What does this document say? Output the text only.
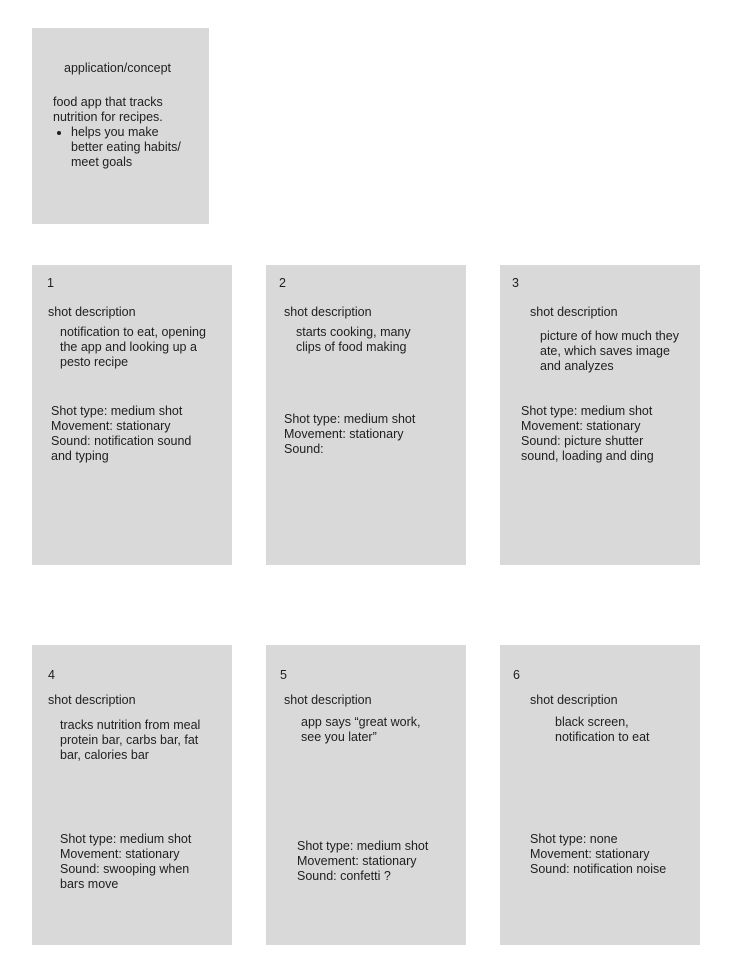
application/concept
food app that tracks
nutrition for recipes.
• helps you make
better eating habits/
meet goals
1
shot description
notification to eat, opening
the app and looking up a
pesto recipe
Shot type: medium shot
Movement: stationary
Sound: notification sound
and typing
2
shot description
starts cooking, many
clips of food making
Shot type: medium shot
Movement: stationary
Sound:
3
shot description
picture of how much they
ate, which saves image
and analyzes
Shot type: medium shot
Movement: stationary
Sound: picture shutter
sound, loading and ding
4
shot description
tracks nutrition from meal
protein bar, carbs bar, fat
bar, calories bar
Shot type: medium shot
Movement: stationary
Sound: swooping when
bars move
5
shot description
app says “great work,
see you later”
Shot type: medium shot
Movement: stationary
Sound: confetti ?
6
shot description
black screen,
notification to eat
Shot type: none
Movement: stationary
Sound: notification noise
